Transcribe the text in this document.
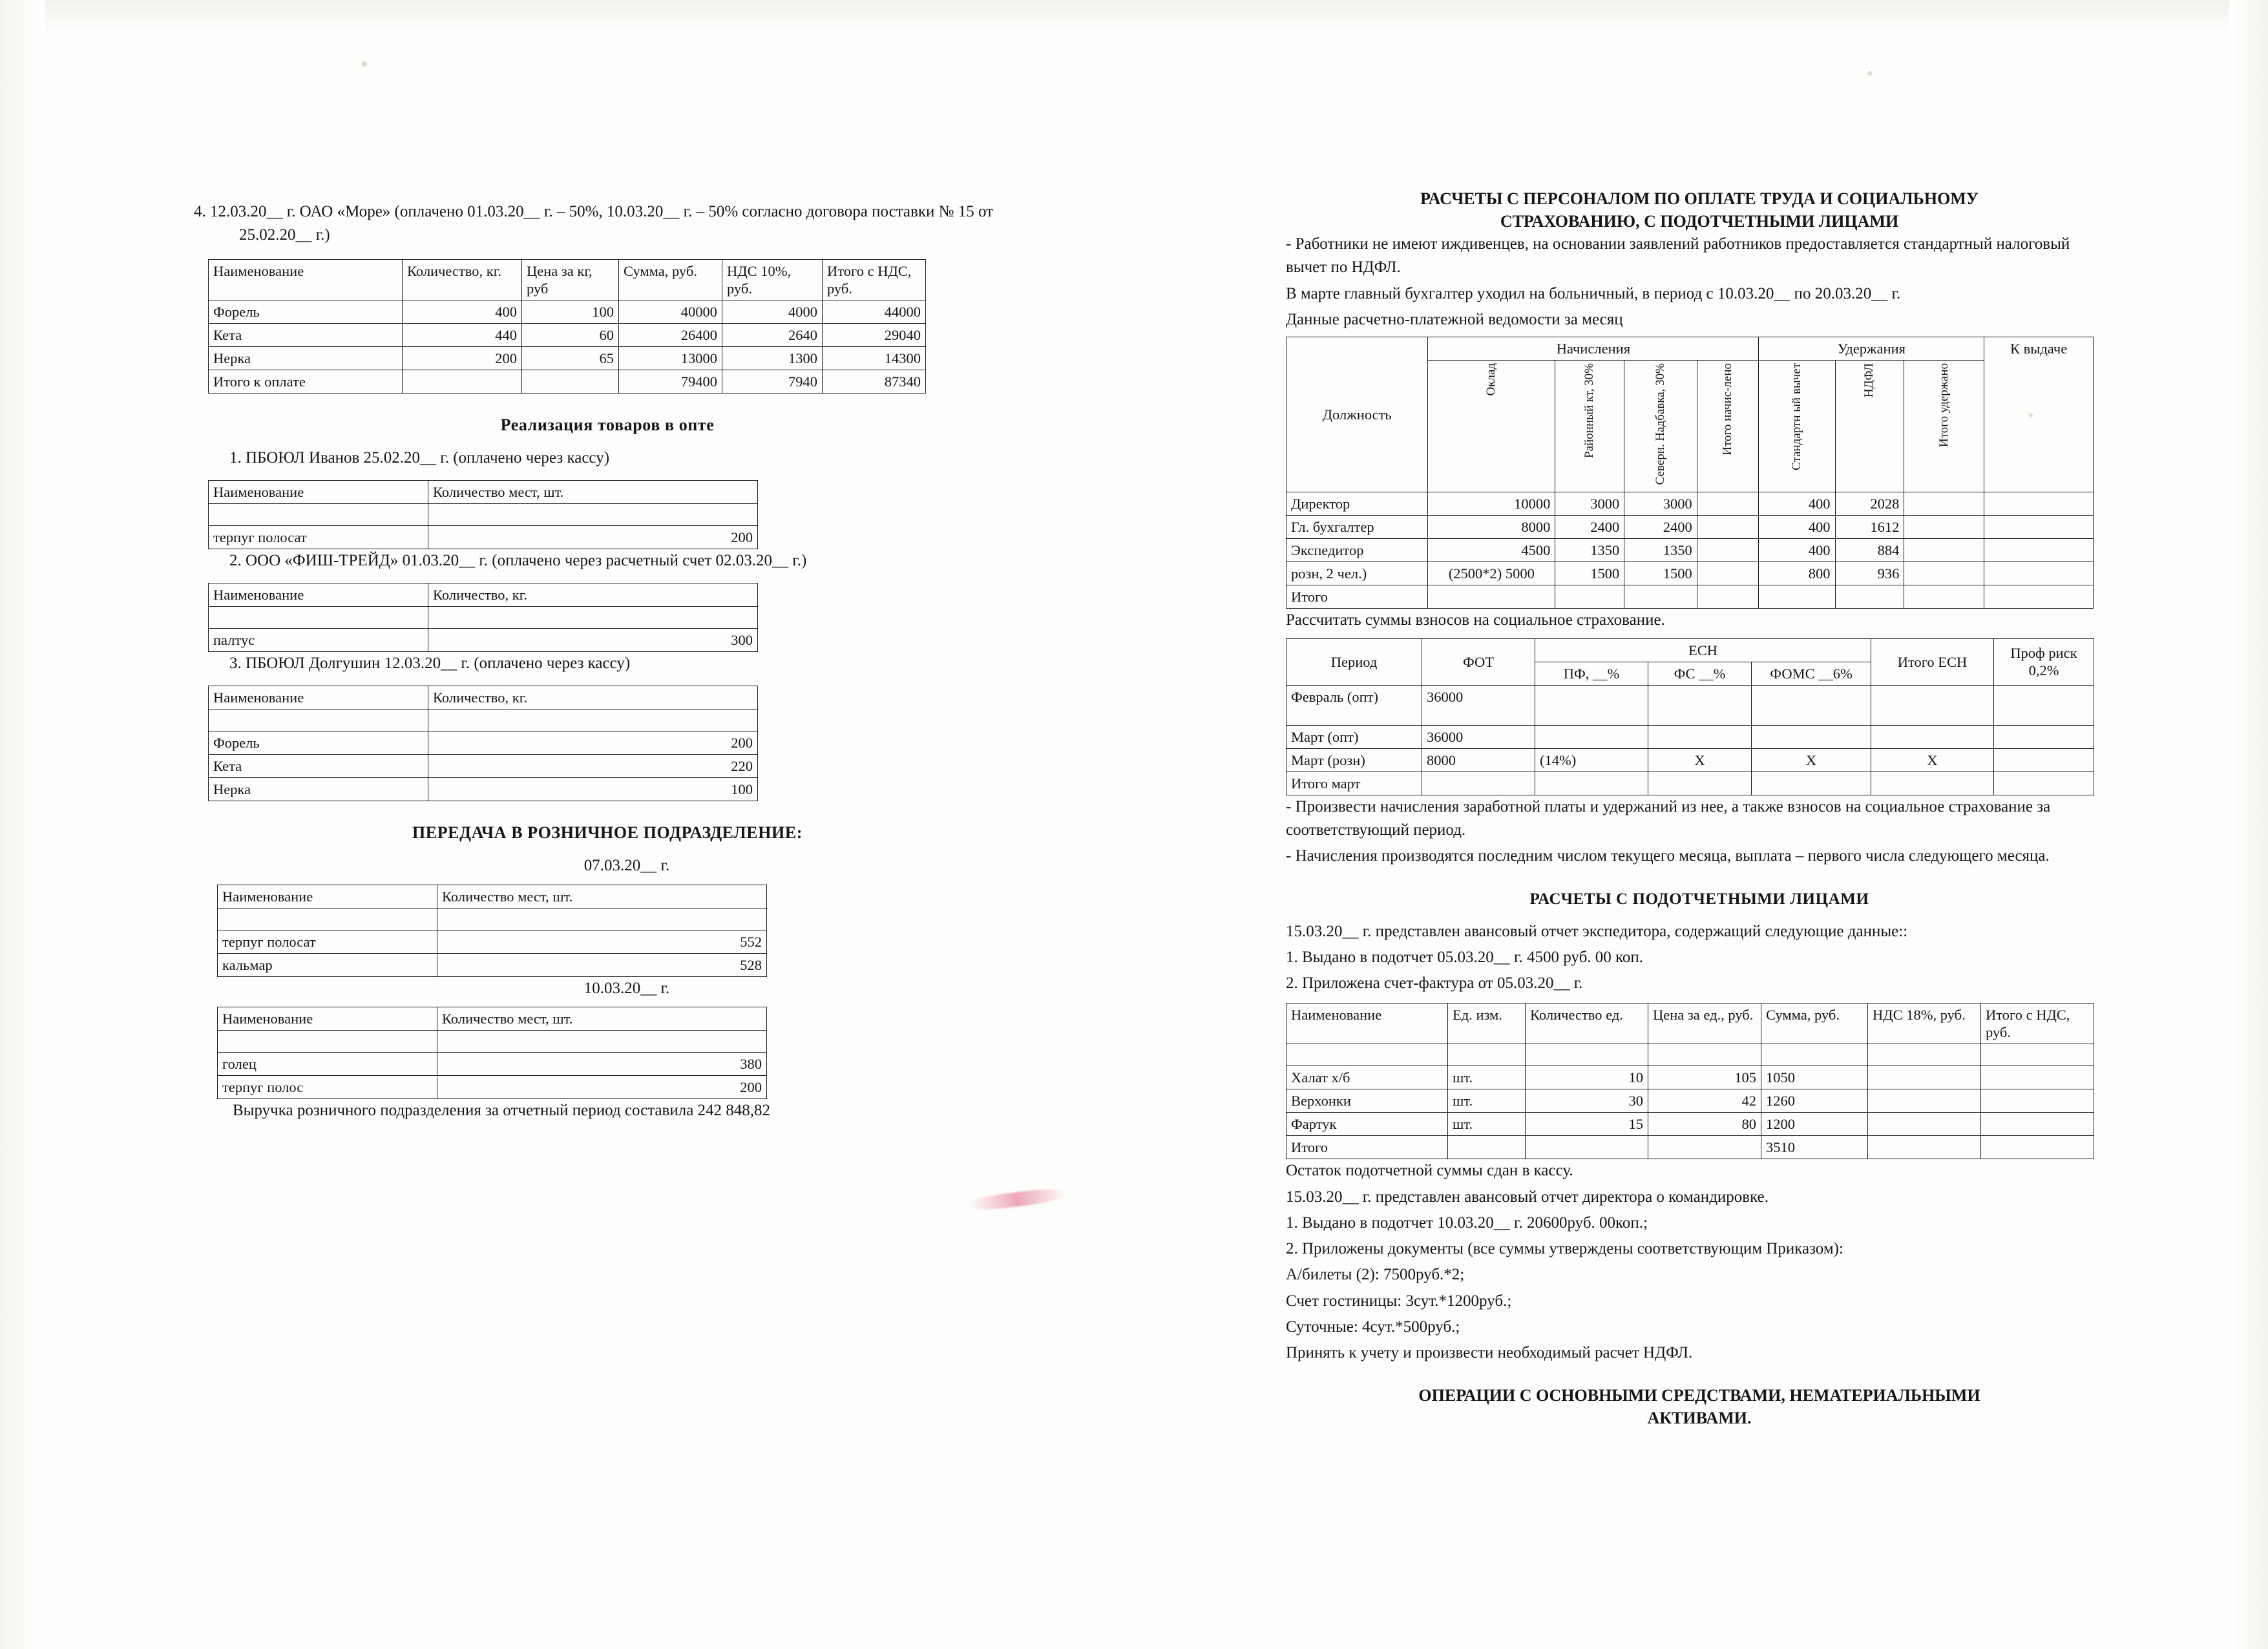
4. 12.03.20__ г. ОАО «Море» (оплачено 01.03.20__ г. – 50%, 10.03.20__ г. – 50% согласно договора поставки № 15 от 25.02.20__ г.)

Наименование	Количество, кг.	Цена за кг, руб	Сумма, руб.	НДС 10%, руб.	Итого с НДС, руб.
Форель	400	100	40000	4000	44000
Кета	440	60	26400	2640	29040
Нерка	200	65	13000	1300	14300
Итого к оплате			79400	7940	87340
Реализация товаров в опте

1. ПБОЮЛ Иванов 25.02.20__ г. (оплачено через кассу)

Наименование	Количество мест, шт.

терпуг полосат	200

2. ООО «ФИШ-ТРЕЙД» 01.03.20__ г. (оплачено через расчетный счет 02.03.20__ г.)

Наименование	Количество, кг.

палтус	300

3. ПБОЮЛ Долгушин 12.03.20__ г. (оплачено через кассу)

Наименование	Количество, кг.

Форель	200
Кета	220
Нерка	100
ПЕРЕДАЧА В РОЗНИЧНОЕ ПОДРАЗДЕЛЕНИЕ:

07.03.20__ г.

Наименование	Количество мест, шт.

терпуг полосат	552
кальмар	528

10.03.20__ г.

Наименование	Количество мест, шт.

голец	380
терпуг полос	200

Выручка розничного подразделения за отчетный период составила 242 848,82

РАСЧЕТЫ С ПЕРСОНАЛОМ ПО ОПЛАТЕ ТРУДА И СОЦИАЛЬНОМУ
СТРАХОВАНИЮ, С ПОДОТЧЕТНЫМИ ЛИЦАМИ

- Работники не имеют иждивенцев, на основании заявлений работников предоставляется стандартный налоговый вычет по НДФЛ.

В марте главный бухгалтер уходил на больничный, в период с 10.03.20__ по 20.03.20__ г.

Данные расчетно-платежной ведомости за месяц

Должность	Начисления				Удержания			К выдаче
	Оклад	Районный кт, 30%	Северн. Надбавка, 30%	Итого начис-лено	Стандартн ый вычет	НДФЛ	Итого удержано	
Директор	10000	3000	3000		400	2028		
Гл. бухгалтер	8000	2400	2400		400	1612		
Экспедитор	4500	1350	1350		400	884		
розн, 2 чел.)	(2500*2) 5000	1500	1500		800	936		
Итого								

Рассчитать суммы взносов на социальное страхование.

Период	ФОТ	ЕСН			Итого ЕСН	Проф риск 0,2%
		ПФ, __%	ФС __%	ФОМС __6%		
Февраль (опт)	36000					
Март (опт)	36000					
Март (розн)	8000	(14%)	Х	Х	Х	
Итого март						

- Произвести начисления заработной платы и удержаний из нее, а также взносов на социальное страхование за соответствующий период.

- Начисления производятся последним числом текущего месяца, выплата – первого числа следующего месяца.

РАСЧЕТЫ С ПОДОТЧЕТНЫМИ ЛИЦАМИ

15.03.20__ г. представлен авансовый отчет экспедитора, содержащий следующие данные::

1. Выдано в подотчет 05.03.20__ г. 4500 руб. 00 коп.

2. Приложена счет-фактура от 05.03.20__ г.

Наименование	Ед. изм.	Количество ед.	Цена за ед., руб.	Сумма, руб.	НДС 18%, руб.	Итого с НДС, руб.

Халат х/б	шт.	10	105	1050		
Верхонки	шт.	30	42	1260		
Фартук	шт.	15	80	1200		
Итого				3510		

Остаток подотчетной суммы сдан в кассу.

15.03.20__ г. представлен авансовый отчет директора о командировке.

1. Выдано в подотчет 10.03.20__ г. 20600руб. 00коп.;

2. Приложены документы (все суммы утверждены соответствующим Приказом):

А/билеты (2): 7500руб.*2;

Счет гостиницы: 3сут.*1200руб.;

Суточные: 4сут.*500руб.;

Принять к учету и произвести необходимый расчет НДФЛ.

ОПЕРАЦИИ С ОСНОВНЫМИ СРЕДСТВАМИ, НЕМАТЕРИАЛЬНЫМИ
АКТИВАМИ.
